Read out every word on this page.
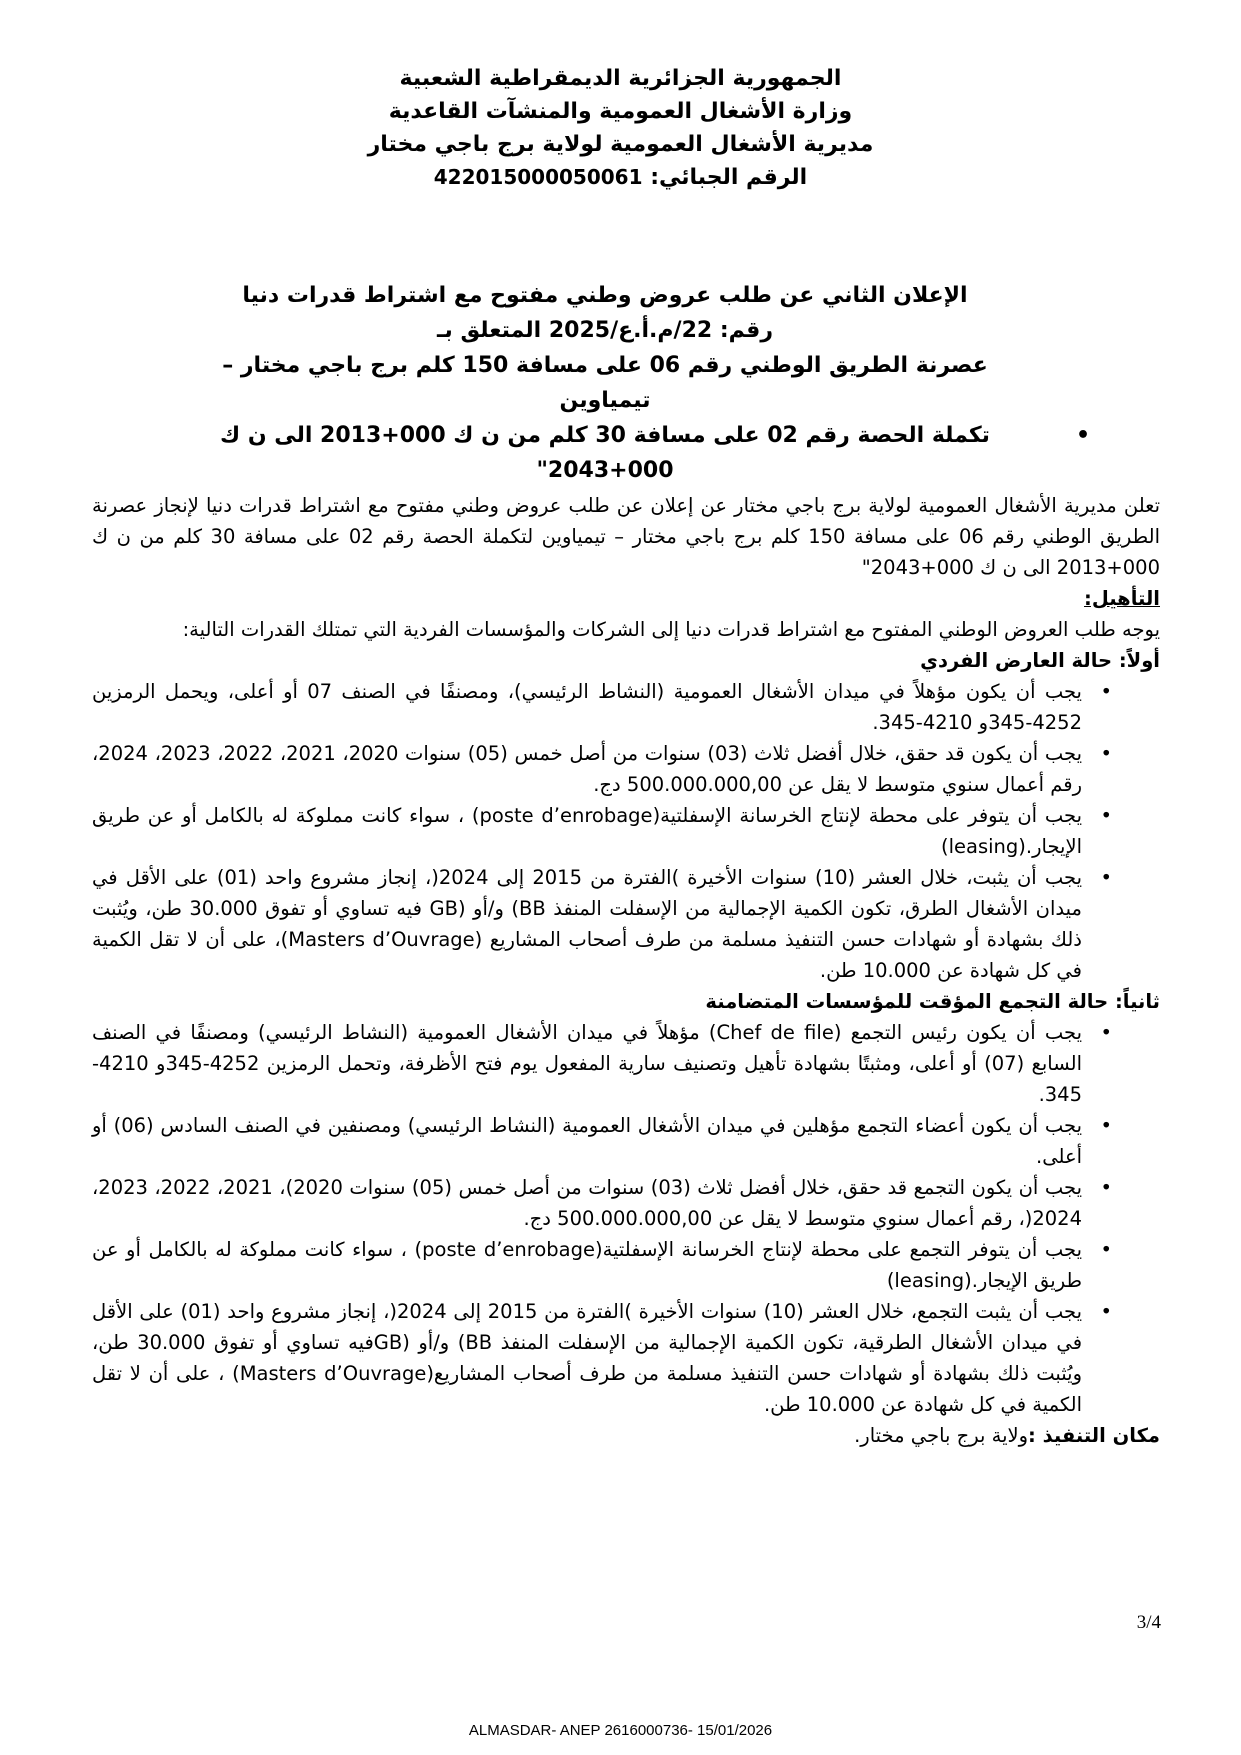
الجمهورية الجزائرية الديمقراطية الشعبية
وزارة الأشغال العمومية والمنشآت القاعدية
مديرية الأشغال العمومية لولاية برج باجي مختار
الرقم الجبائي: 422015000050061
الإعلان الثاني عن طلب عروض وطني مفتوح مع اشتراط قدرات دنيا
رقم: 22/م.أ.ع/2025 المتعلق بـ
عصرنة الطريق الوطني رقم 06 على مسافة 150 كلم برج باجي مختار – تيمياوين
• تكملة الحصة رقم 02 على مسافة 30 كلم من ن ك 000+2013 الى ن ك 000+2043"

تعلن مديرية الأشغال العمومية لولاية برج باجي مختار عن إعلان عن طلب عروض وطني مفتوح مع اشتراط قدرات دنيا لإنجاز عصرنة الطريق الوطني رقم 06 على مسافة 150 كلم برج باجي مختار – تيمياوين لتكملة الحصة رقم 02 على مسافة 30 كلم من ن ك 000+2013 الى ن ك 000+2043"

التأهيل:

يوجه طلب العروض الوطني المفتوح مع اشتراط قدرات دنيا إلى الشركات والمؤسسات الفردية التي تمتلك القدرات التالية:

أولاً: حالة العارض الفردي
• يجب أن يكون مؤهلاً في ميدان الأشغال العمومية (النشاط الرئيسي)، ومصنفًا في الصنف 07 أو أعلى، ويحمل الرمزين 4252-345و 4210-345.
• يجب أن يكون قد حقق، خلال أفضل ثلاث (03) سنوات من أصل خمس (05) سنوات 2020، 2021، 2022، 2023، 2024، رقم أعمال سنوي متوسط لا يقل عن 500.000.000,00 دج.
• يجب أن يتوفر على محطة لإنتاج الخرسانة الإسفلتية(poste d’enrobage) ، سواء كانت مملوكة له بالكامل أو عن طريق الإيجار.(leasing)
• يجب أن يثبت، خلال العشر (10) سنوات الأخيرة )الفترة من 2015 إلى 2024(، إنجاز مشروع واحد (01) على الأقل في ميدان الأشغال الطرق، تكون الكمية الإجمالية من الإسفلت المنفذ BB) و/أو (GB فيه تساوي أو تفوق 30.000 طن، ويُثبت ذلك بشهادة أو شهادات حسن التنفيذ مسلمة من طرف أصحاب المشاريع (Masters d’Ouvrage)، على أن لا تقل الكمية في كل شهادة عن 10.000 طن.
ثانياً: حالة التجمع المؤقت للمؤسسات المتضامنة
• يجب أن يكون رئيس التجمع (Chef de file) مؤهلاً في ميدان الأشغال العمومية (النشاط الرئيسي) ومصنفًا في الصنف السابع (07) أو أعلى، ومثبتًا بشهادة تأهيل وتصنيف سارية المفعول يوم فتح الأظرفة، وتحمل الرمزين 4252-345و 4210-345.
• يجب أن يكون أعضاء التجمع مؤهلين في ميدان الأشغال العمومية (النشاط الرئيسي) ومصنفين في الصنف السادس (06) أو أعلى.
• يجب أن يكون التجمع قد حقق، خلال أفضل ثلاث (03) سنوات من أصل خمس (05) سنوات 2020)، 2021، 2022، 2023، 2024(، رقم أعمال سنوي متوسط لا يقل عن 500.000.000,00 دج.
• يجب أن يتوفر التجمع على محطة لإنتاج الخرسانة الإسفلتية(poste d’enrobage) ، سواء كانت مملوكة له بالكامل أو عن طريق الإيجار.(leasing)
• يجب أن يثبت التجمع، خلال العشر (10) سنوات الأخيرة )الفترة من 2015 إلى 2024(، إنجاز مشروع واحد (01) على الأقل في ميدان الأشغال الطرقية، تكون الكمية الإجمالية من الإسفلت المنفذ BB) و/أو (GBفيه تساوي أو تفوق 30.000 طن، ويُثبت ذلك بشهادة أو شهادات حسن التنفيذ مسلمة من طرف أصحاب المشاريع(Masters d’Ouvrage) ، على أن لا تقل الكمية في كل شهادة عن 10.000 طن.

مكان التنفيذ :ولاية برج باجي مختار.

3/4
ALMASDAR- ANEP 2616000736- 15/01/2026
